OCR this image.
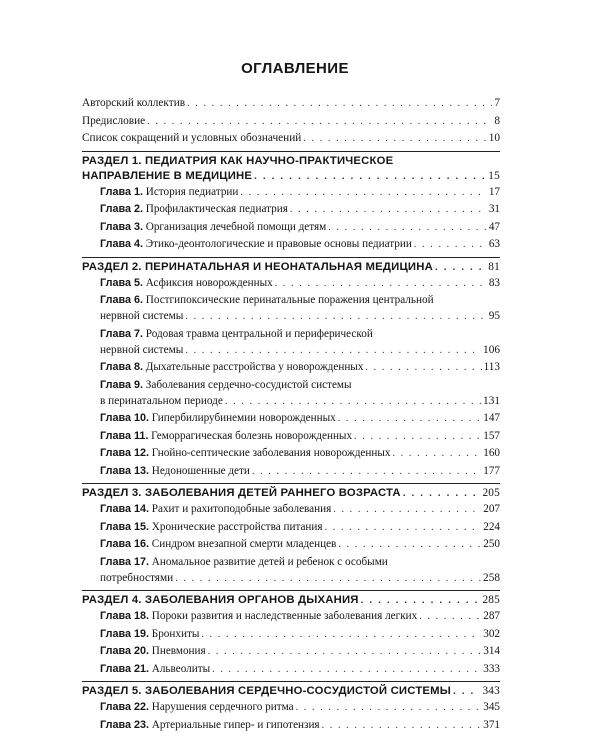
ОГЛАВЛЕНИЕ
Авторский коллектив . . .	7
Предисловие . . .	8
Список сокращений и условных обозначений . . .	10
РАЗДЕЛ 1. ПЕДИАТРИЯ КАК НАУЧНО-ПРАКТИЧЕСКОЕ
НАПРАВЛЕНИЕ В МЕДИЦИНЕ . . .	15
Глава 1. История педиатрии . . .	17
Глава 2. Профилактическая педиатрия . . .	31
Глава 3. Организация лечебной помощи детям . . .	47
Глава 4. Этико-деонтологические и правовые основы педиатрии . . .	63
РАЗДЕЛ 2. ПЕРИНАТАЛЬНАЯ И НЕОНАТАЛЬНАЯ МЕДИЦИНА . . .	81
Глава 5. Асфиксия новорожденных . . .	83
Глава 6. Постгипоксические перинатальные поражения центральной
нервной системы . . .	95
Глава 7. Родовая травма центральной и периферической
нервной системы . . .	106
Глава 8. Дыхательные расстройства у новорожденных . . .	113
Глава 9. Заболевания сердечно-сосудистой системы
в перинатальном периоде . . .	131
Глава 10. Гипербилирубинемии новорожденных . . .	147
Глава 11. Геморрагическая болезнь новорожденных . . .	157
Глава 12. Гнойно-септические заболевания новорожденных . . .	160
Глава 13. Недоношенные дети . . .	177
РАЗДЕЛ 3. ЗАБОЛЕВАНИЯ ДЕТЕЙ РАННЕГО ВОЗРАСТА . . .	205
Глава 14. Рахит и рахитоподобные заболевания . . .	207
Глава 15. Хронические расстройства питания . . .	224
Глава 16. Синдром внезапной смерти младенцев . . .	250
Глава 17. Аномальное развитие детей и ребенок с особыми
потребностями . . .	258
РАЗДЕЛ 4. ЗАБОЛЕВАНИЯ ОРГАНОВ ДЫХАНИЯ . . .	285
Глава 18. Пороки развития и наследственные заболевания легких . . .	287
Глава 19. Бронхиты . . .	302
Глава 20. Пневмония . . .	314
Глава 21. Альвеолиты . . .	333
РАЗДЕЛ 5. ЗАБОЛЕВАНИЯ СЕРДЕЧНО-СОСУДИСТОЙ СИСТЕМЫ . . .	343
Глава 22. Нарушения сердечного ритма . . .	345
Глава 23. Артериальные гипер- и гипотензия . . .	371
